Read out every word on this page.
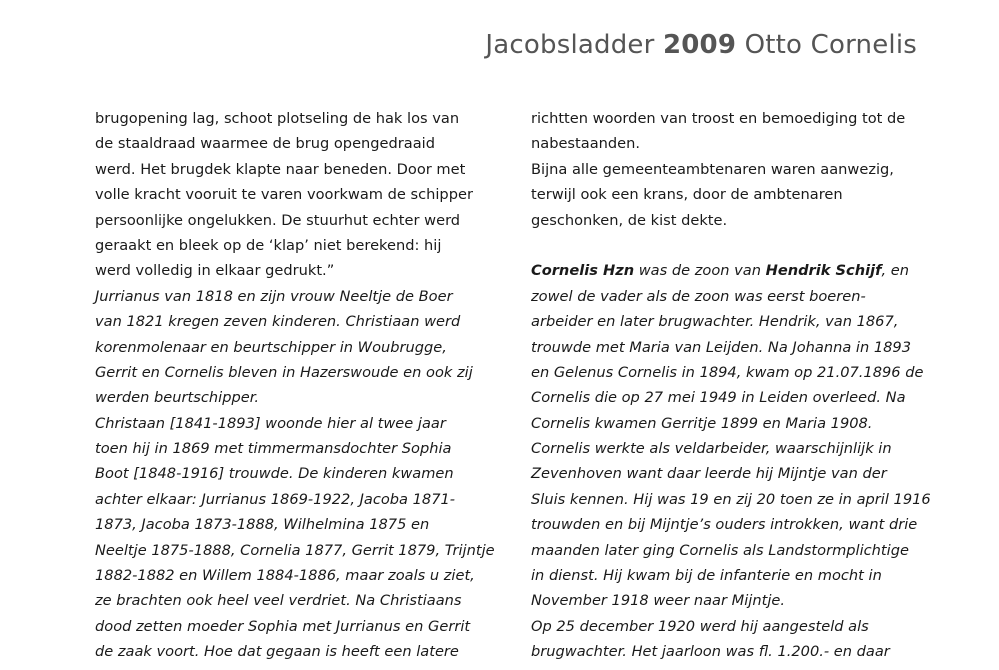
Jacobsladder 2009 Otto Cornelis
brugopening lag, schoot plotseling de hak los van
de staaldraad waarmee de brug opengedraaid
werd. Het brugdek klapte naar beneden. Door met
volle kracht vooruit te varen voorkwam de schipper
persoonlijke ongelukken. De stuurhut echter werd
geraakt en bleek op de ‘klap’ niet berekend: hij
werd volledig in elkaar gedrukt.”
Jurrianus van 1818 en zijn vrouw Neeltje de Boer
van 1821 kregen zeven kinderen. Christiaan werd
korenmolenaar en beurtschipper in Woubrugge,
Gerrit en Cornelis bleven in Hazerswoude en ook zij
werden beurtschipper.
Christaan [1841-1893] woonde hier al twee jaar
toen hij in 1869 met timmermansdochter Sophia
Boot [1848-1916] trouwde. De kinderen kwamen
achter elkaar: Jurrianus 1869-1922, Jacoba 1871-
1873, Jacoba 1873-1888, Wilhelmina 1875 en
Neeltje 1875-1888, Cornelia 1877, Gerrit 1879, Trijntje
1882-1882 en Willem 1884-1886, maar zoals u ziet,
ze brachten ook heel veel verdriet. Na Christiaans
dood zetten moeder Sophia met Jurrianus en Gerrit
de zaak voort. Hoe dat gegaan is heeft een latere
richtten woorden van troost en bemoediging tot de
nabestaanden.
Bijna alle gemeenteambtenaren waren aanwezig,
terwijl ook een krans, door de ambtenaren
geschonken, de kist dekte.
Cornelis Hzn was de zoon van Hendrik Schijf, en
zowel de vader als de zoon was eerst boeren-
arbeider en later brugwachter. Hendrik, van 1867,
trouwde met Maria van Leijden. Na Johanna in 1893
en Gelenus Cornelis in 1894, kwam op 21.07.1896 de
Cornelis die op 27 mei 1949 in Leiden overleed. Na
Cornelis kwamen Gerritje 1899 en Maria 1908.
Cornelis werkte als veldarbeider, waarschijnlijk in
Zevenhoven want daar leerde hij Mijntje van der
Sluis kennen. Hij was 19 en zij 20 toen ze in april 1916
trouwden en bij Mijntje’s ouders introkken, want drie
maanden later ging Cornelis als Landstormplichtige
in dienst. Hij kwam bij de infanterie en mocht in
November 1918 weer naar Mijntje.
Op 25 december 1920 werd hij aangesteld als
brugwachter. Het jaarloon was fl. 1.200.- en daar
